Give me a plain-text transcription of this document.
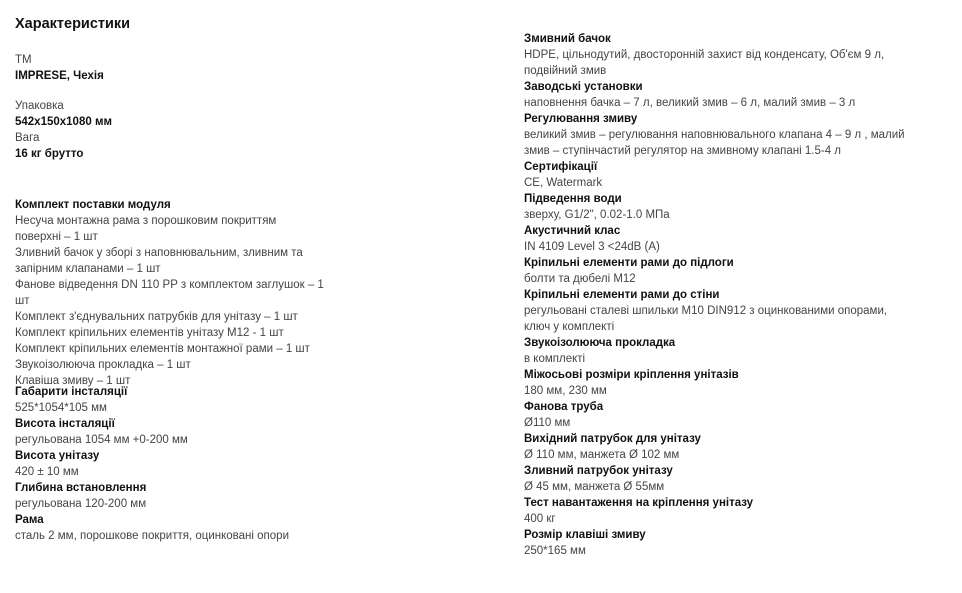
Характеристики
TM
IMPRESE, Чехія
Упаковка
542x150x1080 мм
Вага
16 кг брутто
Комплект поставки модуля
Несуча монтажна рама з порошковим покриттям
поверхні – 1 шт
Зливний бачок у зборі з наповнювальним, зливним та
запірним клапанами – 1 шт
Фанове відведення DN 110 PP з комплектом заглушок – 1
шт
Комплект з'єднувальних патрубків для унітазу – 1 шт
Комплект кріпильних елементів унітазу М12 - 1 шт
Комплект кріпильних елементів монтажної рами – 1 шт
Звукоізолююча прокладка – 1 шт
Клавіша змиву – 1 шт
Габарити інсталяції
525*1054*105 мм
Висота інсталяції
регульована 1054 мм +0-200 мм
Висота унітазу
420 ± 10 мм
Глибина встановлення
регульована 120-200 мм
Рама
сталь 2 мм, порошкове покриття, оцинковані опори
Змивний бачок
HDPE, цільнодутий, двосторонній захист від конденсату, Об'єм 9 л,
подвійний змив
Заводські установки
наповнення бачка – 7 л, великий змив – 6 л, малий змив – 3 л
Регулювання змиву
великий змив – регулювання наповнювального клапана 4 – 9 л , малий
змив – ступінчастий регулятор на змивному клапані 1.5-4 л
Сертифікації
CE, Watermark
Підведення води
зверху, G1/2", 0.02-1.0 МПа
Акустичний клас
IN 4109 Level 3 <24dB (A)
Кріпильні елементи рами до підлоги
болти та дюбелі М12
Кріпильні елементи рами до стіни
регульовані сталеві шпильки М10 DIN912 з оцинкованими опорами,
ключ у комплекті
Звукоізолююча прокладка
в комплекті
Міжосьові розміри кріплення унітазів
180 мм, 230 мм
Фанова труба
Ø110 мм
Вихідний патрубок для унітазу
Ø 110 мм, манжета Ø 102 мм
Зливний патрубок унітазу
Ø 45 мм, манжета Ø 55мм
Тест навантаження на кріплення унітазу
400 кг
Розмір клавіші змиву
250*165 мм
